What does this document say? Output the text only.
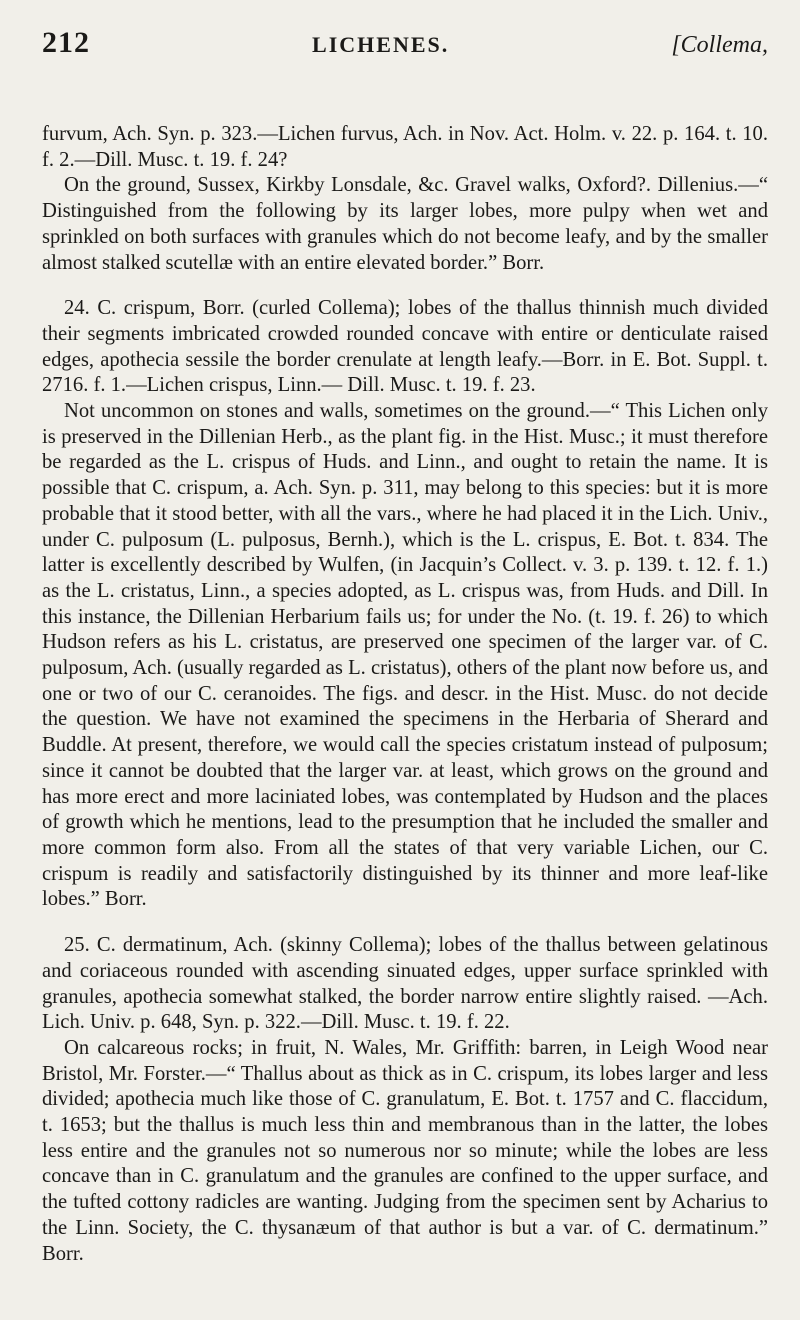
212	LICHENES.	[Collema,

furvum, Ach. Syn. p. 323.—Lichen furvus, Ach. in Nov. Act. Holm. v. 22. p. 164. t. 10. f. 2.—Dill. Musc. t. 19. f. 24?

On the ground, Sussex, Kirkby Lonsdale, &c. Gravel walks, Oxford?. Dillenius.—“ Distinguished from the following by its larger lobes, more pulpy when wet and sprinkled on both surfaces with granules which do not become leafy, and by the smaller almost stalked scutellæ with an entire elevated border.” Borr.

24. C. crispum, Borr. (curled Collema); lobes of the thallus thinnish much divided their segments imbricated crowded rounded concave with entire or denticulate raised edges, apothecia sessile the border crenulate at length leafy.—Borr. in E. Bot. Suppl. t. 2716. f. 1.—Lichen crispus, Linn.— Dill. Musc. t. 19. f. 23.

Not uncommon on stones and walls, sometimes on the ground.—“ This Lichen only is preserved in the Dillenian Herb., as the plant fig. in the Hist. Musc.; it must therefore be regarded as the L. crispus of Huds. and Linn., and ought to retain the name. It is possible that C. crispum, a. Ach. Syn. p. 311, may belong to this species: but it is more probable that it stood better, with all the vars., where he had placed it in the Lich. Univ., under C. pulposum (L. pulposus, Bernh.), which is the L. crispus, E. Bot. t. 834. The latter is excellently described by Wulfen, (in Jacquin’s Collect. v. 3. p. 139. t. 12. f. 1.) as the L. cristatus, Linn., a species adopted, as L. crispus was, from Huds. and Dill. In this instance, the Dillenian Herbarium fails us; for under the No. (t. 19. f. 26) to which Hudson refers as his L. cristatus, are preserved one specimen of the larger var. of C. pulposum, Ach. (usually regarded as L. cristatus), others of the plant now before us, and one or two of our C. ceranoides. The figs. and descr. in the Hist. Musc. do not decide the question. We have not examined the specimens in the Herbaria of Sherard and Buddle. At present, therefore, we would call the species cristatum instead of pulposum; since it cannot be doubted that the larger var. at least, which grows on the ground and has more erect and more laciniated lobes, was contemplated by Hudson and the places of growth which he mentions, lead to the presumption that he included the smaller and more common form also. From all the states of that very variable Lichen, our C. crispum is readily and satisfactorily distinguished by its thinner and more leaf-like lobes.” Borr.

25. C. dermatinum, Ach. (skinny Collema); lobes of the thallus between gelatinous and coriaceous rounded with ascending sinuated edges, upper surface sprinkled with granules, apothecia somewhat stalked, the border narrow entire slightly raised. —Ach. Lich. Univ. p. 648, Syn. p. 322.—Dill. Musc. t. 19. f. 22.

On calcareous rocks; in fruit, N. Wales, Mr. Griffith: barren, in Leigh Wood near Bristol, Mr. Forster.—“ Thallus about as thick as in C. crispum, its lobes larger and less divided; apothecia much like those of C. granulatum, E. Bot. t. 1757 and C. flaccidum, t. 1653; but the thallus is much less thin and membranous than in the latter, the lobes less entire and the granules not so numerous nor so minute; while the lobes are less concave than in C. granulatum and the granules are confined to the upper surface, and the tufted cottony radicles are wanting. Judging from the specimen sent by Acharius to the Linn. Society, the C. thysanæum of that author is but a var. of C. dermatinum.” Borr.
